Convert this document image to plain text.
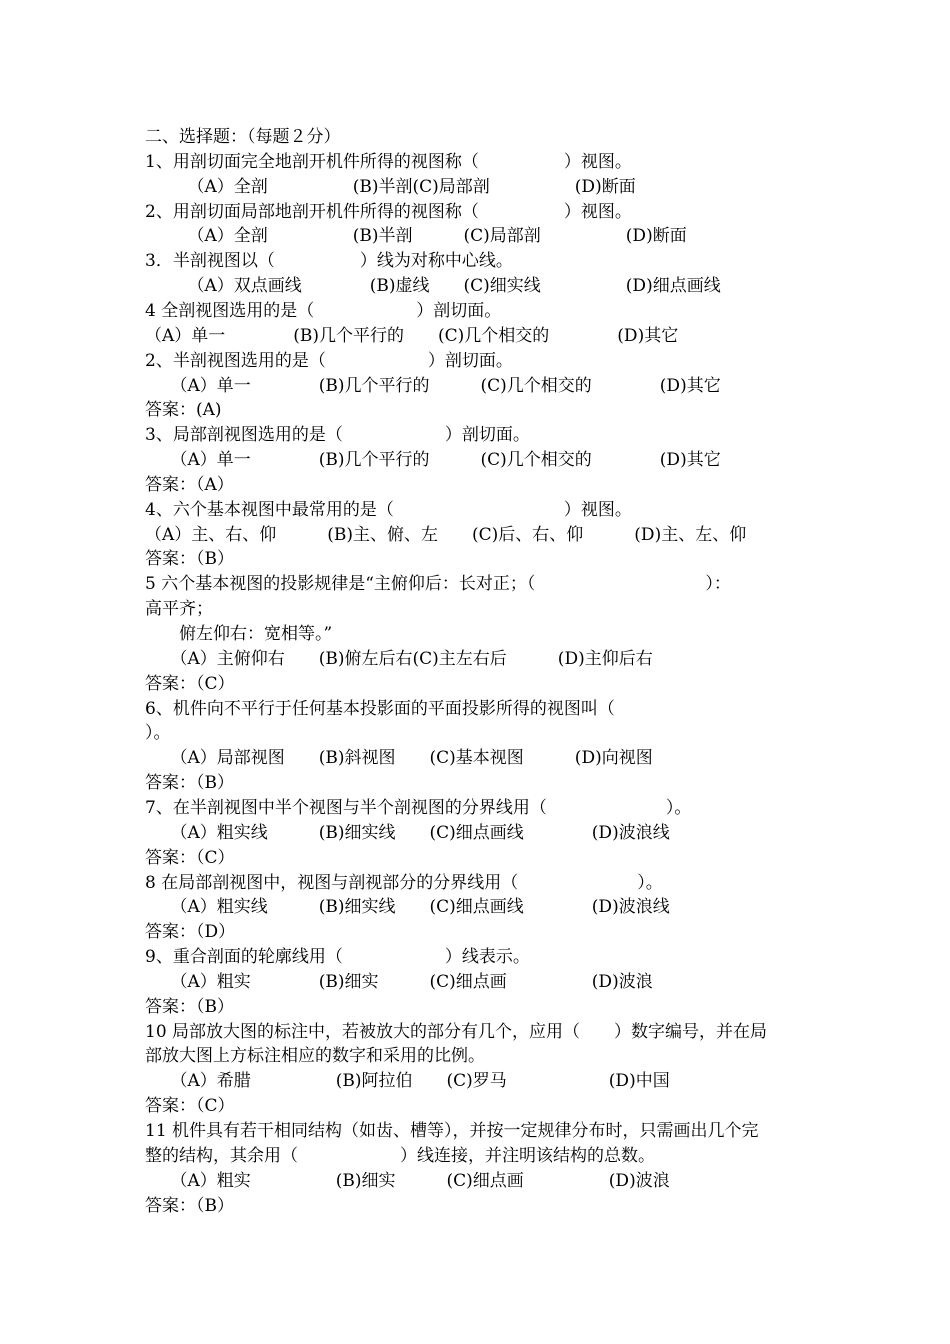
二、选择题：（每题２分）
1、用剖切面完全地剖开机件所得的视图称（　　　　　）视图。
　　　（A）全剖　　　　　(B)半剖(C)局部剖　　　　　(D)断面
2、用剖切面局部地剖开机件所得的视图称（　　　　　）视图。
　　　（A）全剖　　　　　(B)半剖　　　(C)局部剖　　　　　(D)断面
3．半剖视图以（　　　　　）线为对称中心线。
　　　（A）双点画线　　　　(B)虚线　　(C)细实线　　　　　(D)细点画线
4 全剖视图选用的是（　　　　　　）剖切面。
（A）单一　　　　(B)几个平行的　　(C)几个相交的　　　　(D)其它
2、半剖视图选用的是（　　　　　　）剖切面。
　　（A）单一　　　　(B)几个平行的　　　(C)几个相交的　　　　(D)其它
答案：(A)
3、局部剖视图选用的是（　　　　　　）剖切面。
　　（A）单一　　　　(B)几个平行的　　　(C)几个相交的　　　　(D)其它
答案：（A）
4、六个基本视图中最常用的是（　　　　　　　　　　）视图。
（A）主、右、仰　　　(B)主、俯、左　　(C)后、右、仰　　　(D)主、左、仰
答案：（B）
5 六个基本视图的投影规律是“主俯仰后：长对正；（　　　　　　　　　　）：
高平齐；
　　俯左仰右：宽相等。”
　　（A）主俯仰右　　(B)俯左后右(C)主左右后　　　(D)主仰后右
答案：（C）
6、机件向不平行于任何基本投影面的平面投影所得的视图叫（
）。
　　（A）局部视图　　(B)斜视图　　(C)基本视图　　　(D)向视图
答案：（B）
7、在半剖视图中半个视图与半个剖视图的分界线用（　　　　　　　）。
　　（A）粗实线　　　(B)细实线　　(C)细点画线　　　　(D)波浪线
答案：（C）
8 在局部剖视图中，视图与剖视部分的分界线用（　　　　　　　）。
　　（A）粗实线　　　(B)细实线　　(C)细点画线　　　　(D)波浪线
答案：（D）
9、重合剖面的轮廓线用（　　　　　　）线表示。
　　（A）粗实　　　　(B)细实　　　(C)细点画　　　　　(D)波浪
答案：（B）
10 局部放大图的标注中，若被放大的部分有几个，应用（　　）数字编号，并在局
部放大图上方标注相应的数字和采用的比例。
　　（A）希腊　　　　　(B)阿拉伯　　(C)罗马　　　　　　(D)中国
答案：（C）
11 机件具有若干相同结构（如齿、槽等），并按一定规律分布时，只需画出几个完
整的结构，其余用（　　　　　　）线连接，并注明该结构的总数。
　　（A）粗实　　　　　(B)细实　　　(C)细点画　　　　　(D)波浪
答案：（B）
